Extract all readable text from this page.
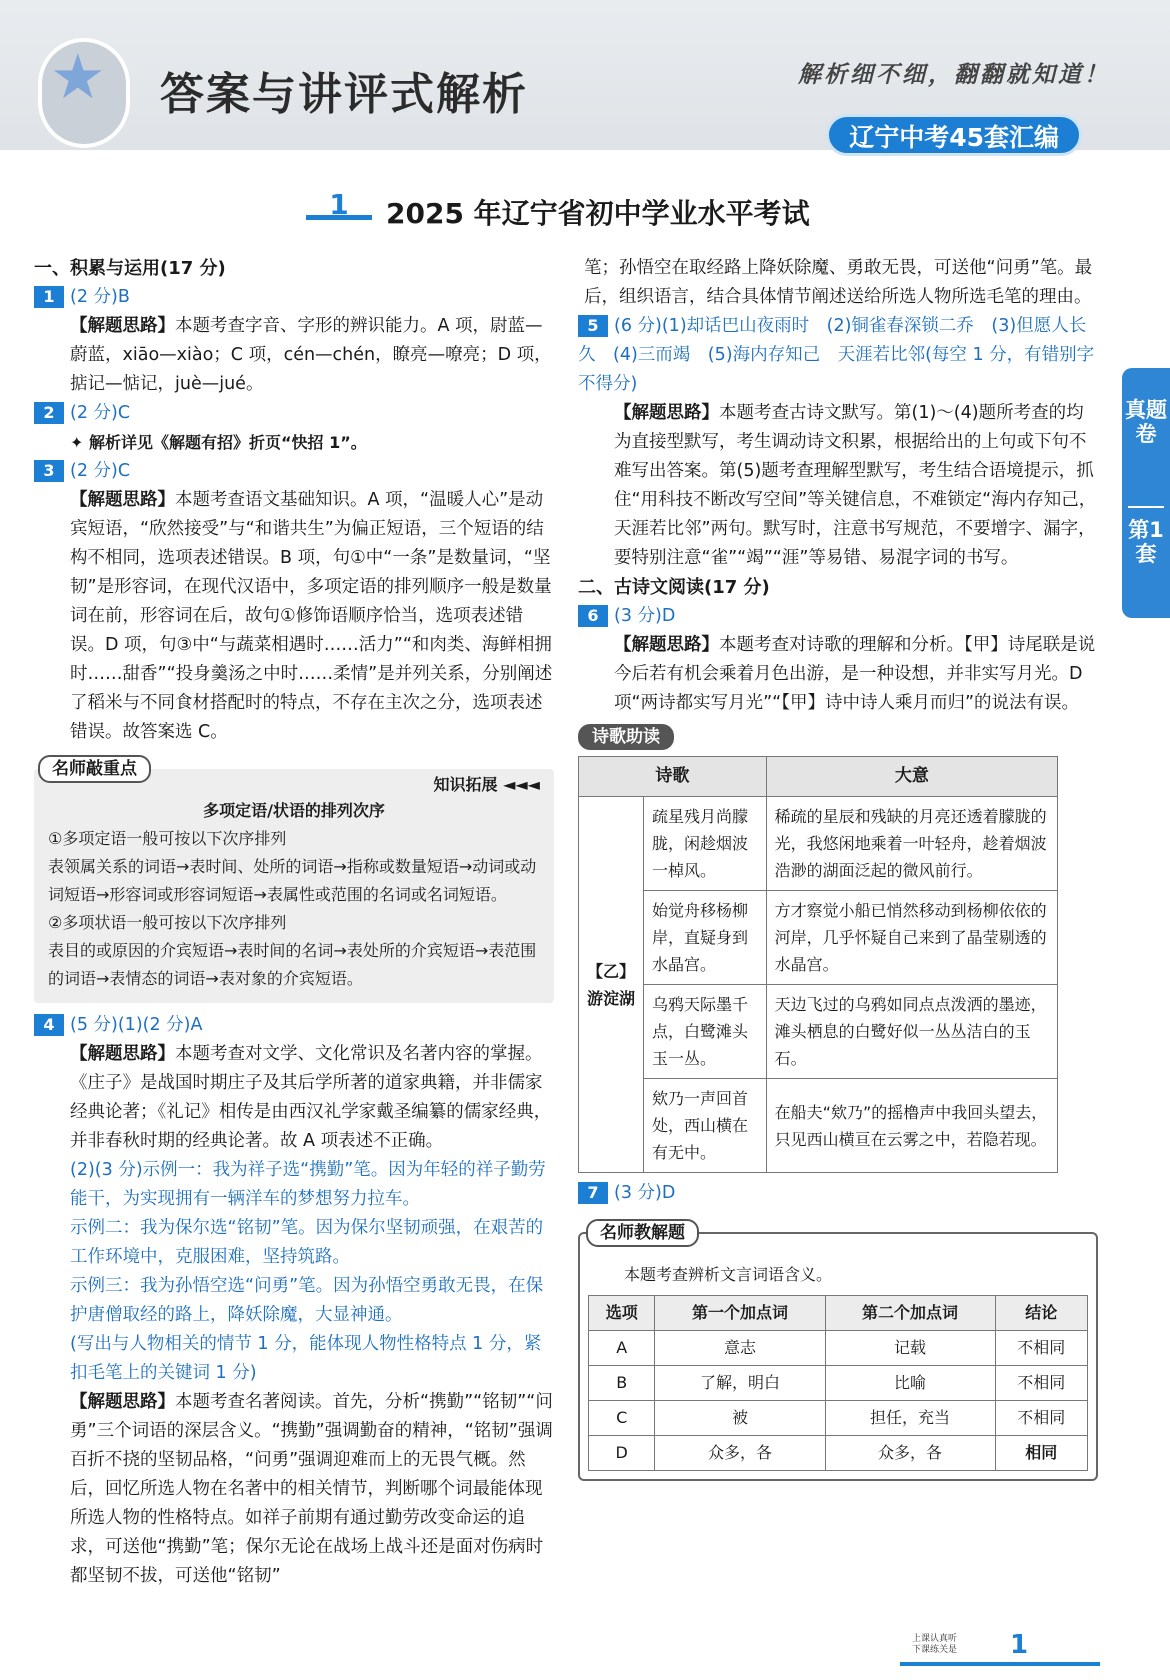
★ 答案与讲评式解析	解析细不细，翻翻就知道！
辽宁中考45套汇编
1	2025 年辽宁省初中学业水平考试
真题卷
第1套

一、积累与运用(17 分)

1 (2 分)B

【解题思路】本题考查字音、字形的辨识能力。A 项，尉蓝—蔚蓝，xiāo—xiào；C 项，cén—chén，瞭亮—嘹亮；D 项，掂记—惦记，juè—jué。

2 (2 分)C

✦ 解析详见《解题有招》折页“快招 1”。

3 (2 分)C

【解题思路】本题考查语文基础知识。A 项，“温暖人心”是动宾短语，“欣然接受”与“和谐共生”为偏正短语，三个短语的结构不相同，选项表述错误。B 项，句①中“一条”是数量词，“坚韧”是形容词，在现代汉语中，多项定语的排列顺序一般是数量词在前，形容词在后，故句①修饰语顺序恰当，选项表述错误。D 项，句③中“与蔬菜相遇时……活力”“和肉类、海鲜相拥时……甜香”“投身羹汤之中时……柔情”是并列关系，分别阐述了稻米与不同食材搭配时的特点，不存在主次之分，选项表述错误。故答案选 C。

名师敲重点
知识拓展 ◄◄◄

多项定语/状语的排列次序

①多项定语一般可按以下次序排列

表领属关系的词语→表时间、处所的词语→指称或数量短语→动词或动词短语→形容词或形容词短语→表属性或范围的名词或名词短语。

②多项状语一般可按以下次序排列

表目的或原因的介宾短语→表时间的名词→表处所的介宾短语→表范围的词语→表情态的词语→表对象的介宾短语。

4 (5 分)(1)(2 分)A

【解题思路】本题考查对文学、文化常识及名著内容的掌握。《庄子》是战国时期庄子及其后学所著的道家典籍，并非儒家经典论著；《礼记》相传是由西汉礼学家戴圣编纂的儒家经典，并非春秋时期的经典论著。故 A 项表述不正确。

(2)(3 分)示例一：我为祥子选“携勤”笔。因为年轻的祥子勤劳能干，为实现拥有一辆洋车的梦想努力拉车。

示例二：我为保尔选“铭韧”笔。因为保尔坚韧顽强，在艰苦的工作环境中，克服困难，坚持筑路。

示例三：我为孙悟空选“问勇”笔。因为孙悟空勇敢无畏，在保护唐僧取经的路上，降妖除魔，大显神通。

(写出与人物相关的情节 1 分，能体现人物性格特点 1 分，紧扣毛笔上的关键词 1 分)

【解题思路】本题考查名著阅读。首先，分析“携勤”“铭韧”“问勇”三个词语的深层含义。“携勤”强调勤奋的精神，“铭韧”强调百折不挠的坚韧品格，“问勇”强调迎难而上的无畏气概。然后，回忆所选人物在名著中的相关情节，判断哪个词最能体现所选人物的性格特点。如祥子前期有通过勤劳改变命运的追求，可送他“携勤”笔；保尔无论在战场上战斗还是面对伤病时都坚韧不拔，可送他“铭韧”

笔；孙悟空在取经路上降妖除魔、勇敢无畏，可送他“问勇”笔。最后，组织语言，结合具体情节阐述送给所选人物所选毛笔的理由。

5 (6 分)(1)却话巴山夜雨时　(2)铜雀春深锁二乔　(3)但愿人长久　(4)三而竭　(5)海内存知己　天涯若比邻(每空 1 分，有错别字不得分)

【解题思路】本题考查古诗文默写。第(1)～(4)题所考查的均为直接型默写，考生调动诗文积累，根据给出的上句或下句不难写出答案。第(5)题考查理解型默写，考生结合语境提示，抓住“用科技不断改写空间”等关键信息，不难锁定“海内存知己，天涯若比邻”两句。默写时，注意书写规范，不要增字、漏字，要特别注意“雀”“竭”“涯”等易错、易混字词的书写。

二、古诗文阅读(17 分)

6 (3 分)D

【解题思路】本题考查对诗歌的理解和分析。【甲】诗尾联是说今后若有机会乘着月色出游，是一种设想，并非实写月光。D 项“两诗都实写月光”“【甲】诗中诗人乘月而归”的说法有误。

诗歌助读
诗歌		大意
【乙】游淀湖	疏星残月尚朦胧，闲趁烟波一棹风。	稀疏的星辰和残缺的月亮还透着朦胧的光，我悠闲地乘着一叶轻舟，趁着烟波浩渺的湖面泛起的微风前行。
	始觉舟移杨柳岸，直疑身到水晶宫。	方才察觉小船已悄然移动到杨柳依依的河岸，几乎怀疑自己来到了晶莹剔透的水晶宫。
	乌鸦天际墨千点，白鹭滩头玉一丛。	天边飞过的乌鸦如同点点泼洒的墨迹，滩头栖息的白鹭好似一丛丛洁白的玉石。
	欸乃一声回首处，西山横在有无中。	在船夫“欸乃”的摇橹声中我回头望去，只见西山横亘在云雾之中，若隐若现。

7 (3 分)D

名师教解题

本题考查辨析文言词语含义。

选项	第一个加点词	第二个加点词	结论
A	意志	记载	不相同
B	了解，明白	比喻	不相同
C	被	担任，充当	不相同
D	众多，各	众多，各	相同
上课认真听
下课练关是 1
